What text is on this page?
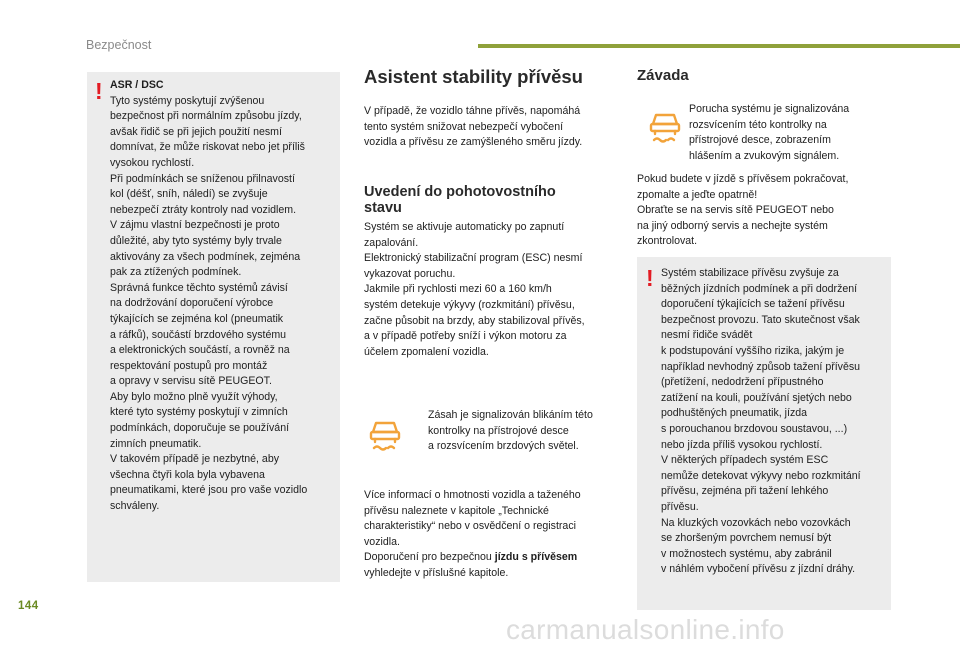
Bezpečnost
! ASR / DSC
Tyto systémy poskytují zvýšenou
bezpečnost při normálním způsobu jízdy,
avšak řidič se při jejich použití nesmí
domnívat, že může riskovat nebo jet příliš
vysokou rychlostí.
Při podmínkách se sníženou přilnavostí
kol (déšť, sníh, náledí) se zvyšuje
nebezpečí ztráty kontroly nad vozidlem.
V zájmu vlastní bezpečnosti je proto
důležité, aby tyto systémy byly trvale
aktivovány za všech podmínek, zejména
pak za ztížených podmínek.
Správná funkce těchto systémů závisí
na dodržování doporučení výrobce
týkajících se zejména kol (pneumatik
a ráfků), součástí brzdového systému
a elektronických součástí, a rovněž na
respektování postupů pro montáž
a opravy v servisu sítě PEUGEOT.
Aby bylo možno plně využít výhody,
které tyto systémy poskytují v zimních
podmínkách, doporučuje se používání
zimních pneumatik.
V takovém případě je nezbytné, aby
všechna čtyři kola byla vybavena
pneumatikami, které jsou pro vaše vozidlo
schváleny.
Asistent stability přívěsu
V případě, že vozidlo táhne přívěs, napomáhá
tento systém snižovat nebezpečí vybočení
vozidla a přívěsu ze zamýšleného směru jízdy.
Uvedení do pohotovostního
stavu
Systém se aktivuje automaticky po zapnutí
zapalování.
Elektronický stabilizační program (ESC) nesmí
vykazovat poruchu.
Jakmile při rychlosti mezi 60 a 160 km/h
systém detekuje výkyvy (rozkmitání) přívěsu,
začne působit na brzdy, aby stabilizoval přívěs,
a v případě potřeby sníží i výkon motoru za
účelem zpomalení vozidla.
Zásah je signalizován blikáním této
kontrolky na přístrojové desce
a rozsvícením brzdových světel.
Více informací o hmotnosti vozidla a taženého
přívěsu naleznete v kapitole „Technické
charakteristiky“ nebo v osvědčení o registraci
vozidla.
Doporučení pro bezpečnou jízdu s přívěsem
vyhledejte v příslušné kapitole.
Závada
Porucha systému je signalizována
rozsvícením této kontrolky na
přístrojové desce, zobrazením
hlášením a zvukovým signálem.
Pokud budete v jízdě s přívěsem pokračovat,
zpomalte a jeďte opatrně!
Obraťte se na servis sítě PEUGEOT nebo
na jiný odborný servis a nechejte systém
zkontrolovat.
! Systém stabilizace přívěsu zvyšuje za
běžných jízdních podmínek a při dodržení
doporučení týkajících se tažení přívěsu
bezpečnost provozu. Tato skutečnost však
nesmí řidiče svádět
k podstupování vyššího rizika, jakým je
například nevhodný způsob tažení přívěsu
(přetížení, nedodržení přípustného
zatížení na kouli, používání sjetých nebo
podhuštěných pneumatik, jízda
s porouchanou brzdovou soustavou, ...)
nebo jízda příliš vysokou rychlostí.
V některých případech systém ESC
nemůže detekovat výkyvy nebo rozkmitání
přívěsu, zejména při tažení lehkého
přívěsu.
Na kluzkých vozovkách nebo vozovkách
se zhoršeným povrchem nemusí být
v možnostech systému, aby zabránil
v náhlém vybočení přívěsu z jízdní dráhy.
144
carmanualsonline.info
